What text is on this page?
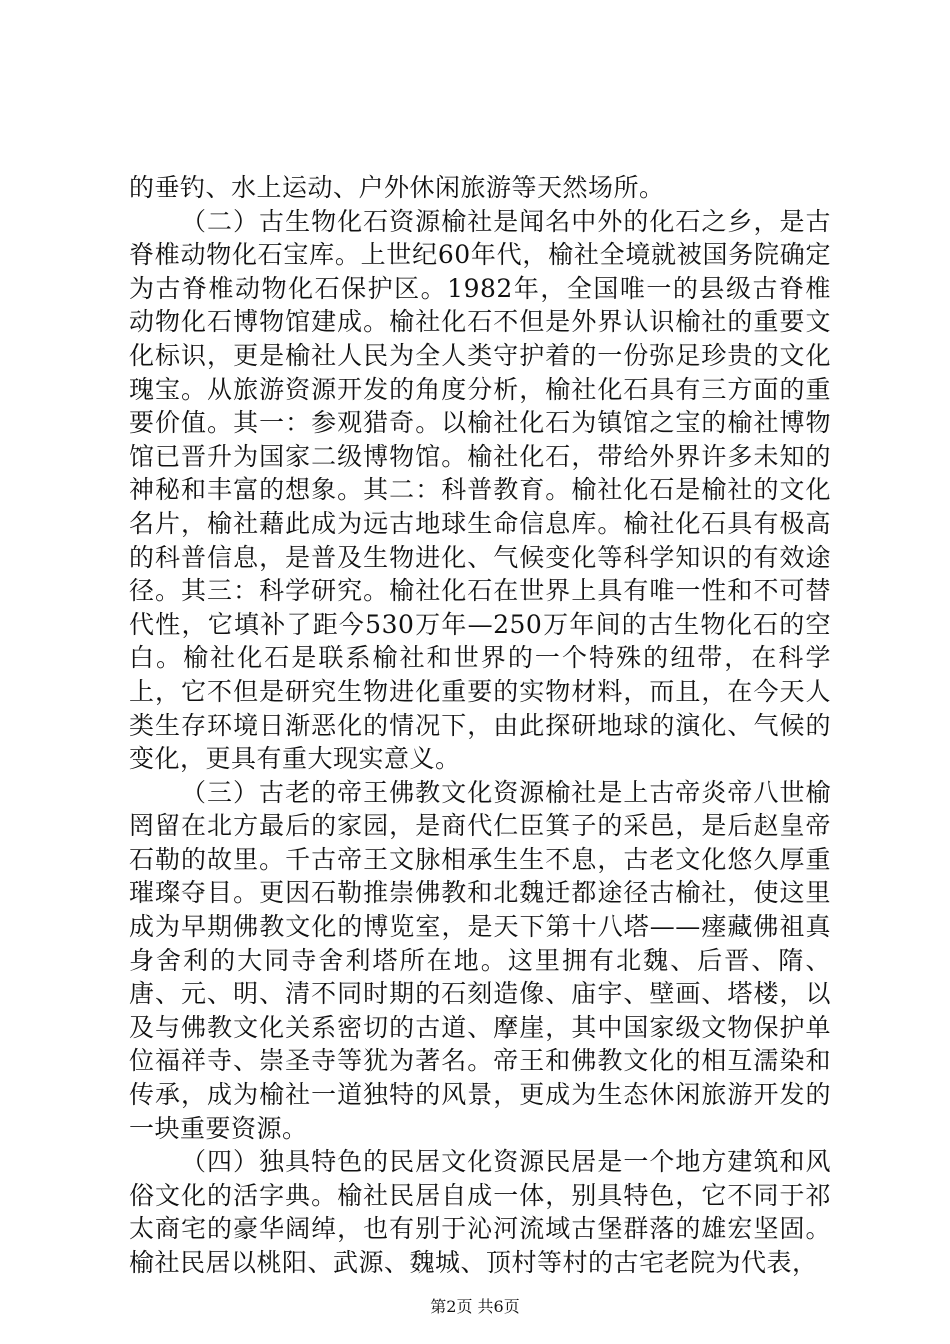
的垂钓、水上运动、户外休闲旅游等天然场所。

（二）古生物化石资源榆社是闻名中外的化石之乡，是古脊椎动物化石宝库。上世纪60年代，榆社全境就被国务院确定为古脊椎动物化石保护区。1982年，全国唯一的县级古脊椎动物化石博物馆建成。榆社化石不但是外界认识榆社的重要文化标识，更是榆社人民为全人类守护着的一份弥足珍贵的文化瑰宝。从旅游资源开发的角度分析，榆社化石具有三方面的重要价值。其一：参观猎奇。以榆社化石为镇馆之宝的榆社博物馆已晋升为国家二级博物馆。榆社化石，带给外界许多未知的神秘和丰富的想象。其二：科普教育。榆社化石是榆社的文化名片，榆社藉此成为远古地球生命信息库。榆社化石具有极高的科普信息，是普及生物进化、气候变化等科学知识的有效途径。其三：科学研究。榆社化石在世界上具有唯一性和不可替代性，它填补了距今530万年—250万年间的古生物化石的空白。榆社化石是联系榆社和世界的一个特殊的纽带，在科学上，它不但是研究生物进化重要的实物材料，而且，在今天人类生存环境日渐恶化的情况下，由此探研地球的演化、气候的变化，更具有重大现实意义。

（三）古老的帝王佛教文化资源榆社是上古帝炎帝八世榆罔留在北方最后的家园，是商代仁臣箕子的采邑，是后赵皇帝石勒的故里。千古帝王文脉相承生生不息，古老文化悠久厚重璀璨夺目。更因石勒推崇佛教和北魏迁都途径古榆社，使这里成为早期佛教文化的博览室，是天下第十八塔——瘗藏佛祖真身舍利的大同寺舍利塔所在地。这里拥有北魏、后晋、隋、唐、元、明、清不同时期的石刻造像、庙宇、壁画、塔楼，以及与佛教文化关系密切的古道、摩崖，其中国家级文物保护单位福祥寺、崇圣寺等犹为著名。帝王和佛教文化的相互濡染和传承，成为榆社一道独特的风景，更成为生态休闲旅游开发的一块重要资源。

（四）独具特色的民居文化资源民居是一个地方建筑和风俗文化的活字典。榆社民居自成一体，别具特色，它不同于祁太商宅的豪华阔绰，也有别于沁河流域古堡群落的雄宏坚固。榆社民居以桃阳、武源、魏城、顶村等村的古宅老院为代表，

第2页 共6页
